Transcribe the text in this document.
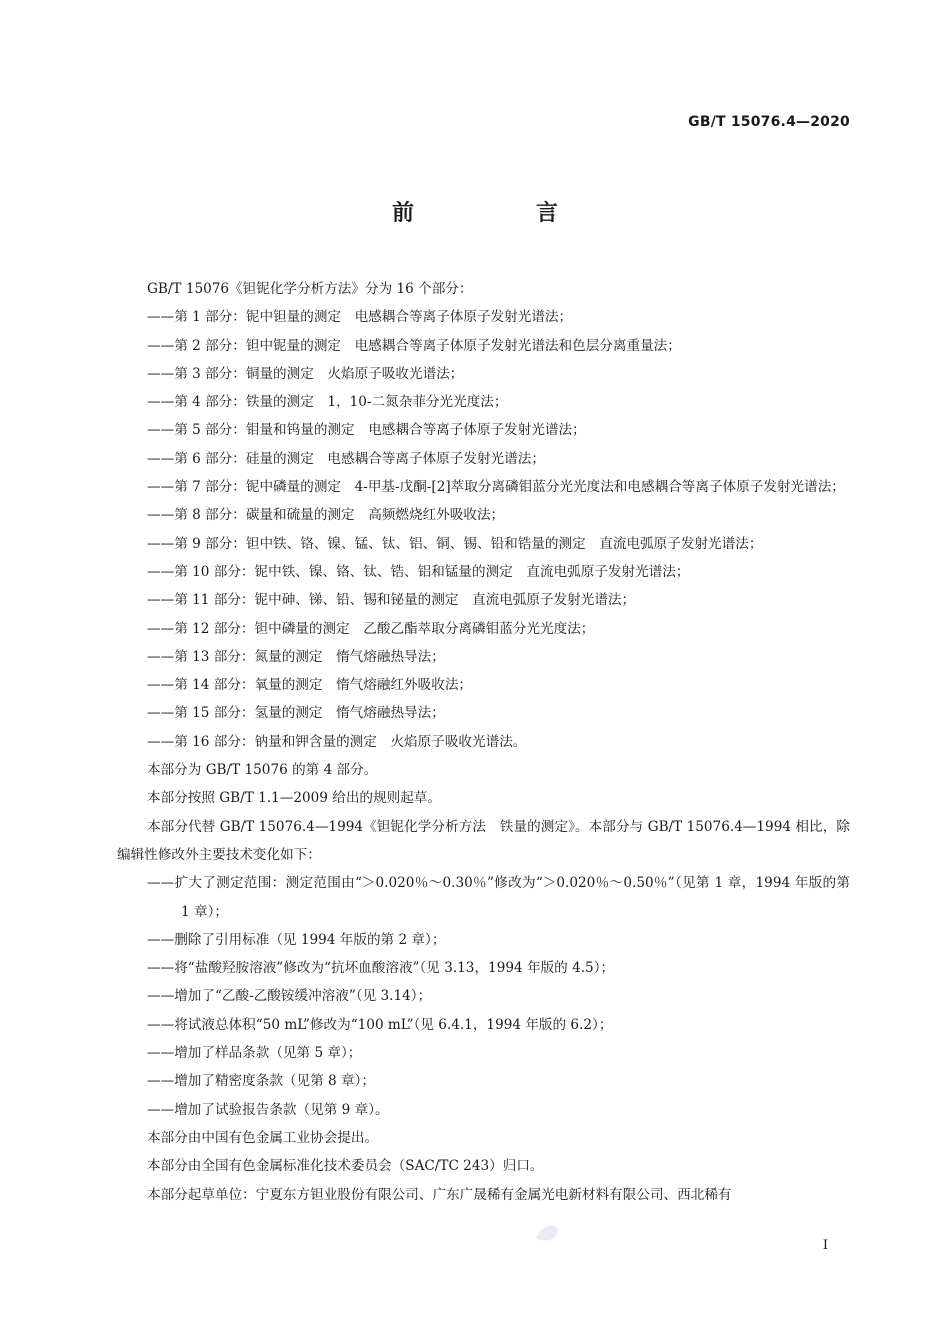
GB/T 15076.4—2020
前　言

GB/T 15076《钽铌化学分析方法》分为 16 个部分：

——第 1 部分：铌中钽量的测定　电感耦合等离子体原子发射光谱法；

——第 2 部分：钽中铌量的测定　电感耦合等离子体原子发射光谱法和色层分离重量法；

——第 3 部分：铜量的测定　火焰原子吸收光谱法；

——第 4 部分：铁量的测定　1，10-二氮杂菲分光光度法；

——第 5 部分：钼量和钨量的测定　电感耦合等离子体原子发射光谱法；

——第 6 部分：硅量的测定　电感耦合等离子体原子发射光谱法；

——第 7 部分：铌中磷量的测定　4-甲基-戊酮-[2]萃取分离磷钼蓝分光光度法和电感耦合等离子体原子发射光谱法；

——第 8 部分：碳量和硫量的测定　高频燃烧红外吸收法；

——第 9 部分：钽中铁、铬、镍、锰、钛、铝、铜、锡、铅和锆量的测定　直流电弧原子发射光谱法；

——第 10 部分：铌中铁、镍、铬、钛、锆、铝和锰量的测定　直流电弧原子发射光谱法；

——第 11 部分：铌中砷、锑、铅、锡和铋量的测定　直流电弧原子发射光谱法；

——第 12 部分：钽中磷量的测定　乙酸乙酯萃取分离磷钼蓝分光光度法；

——第 13 部分：氮量的测定　惰气熔融热导法；

——第 14 部分：氧量的测定　惰气熔融红外吸收法；

——第 15 部分：氢量的测定　惰气熔融热导法；

——第 16 部分：钠量和钾含量的测定　火焰原子吸收光谱法。

本部分为 GB/T 15076 的第 4 部分。

本部分按照 GB/T 1.1—2009 给出的规则起草。

本部分代替 GB/T 15076.4—1994《钽铌化学分析方法　铁量的测定》。本部分与 GB/T 15076.4—1994 相比，除编辑性修改外主要技术变化如下：

——扩大了测定范围：测定范围由“＞0.020％～0.30％”修改为“＞0.020％～0.50％”（见第 1 章，1994 年版的第 1 章）；

——删除了引用标准（见 1994 年版的第 2 章）；

——将“盐酸羟胺溶液”修改为“抗坏血酸溶液”（见 3.13，1994 年版的 4.5）；

——增加了“乙酸-乙酸铵缓冲溶液”（见 3.14）；

——将试液总体积“50 mL”修改为“100 mL”（见 6.4.1，1994 年版的 6.2）；

——增加了样品条款（见第 5 章）；

——增加了精密度条款（见第 8 章）；

——增加了试验报告条款（见第 9 章）。

本部分由中国有色金属工业协会提出。

本部分由全国有色金属标准化技术委员会（SAC/TC 243）归口。

本部分起草单位：宁夏东方钽业股份有限公司、广东广晟稀有金属光电新材料有限公司、西北稀有

Ⅰ
